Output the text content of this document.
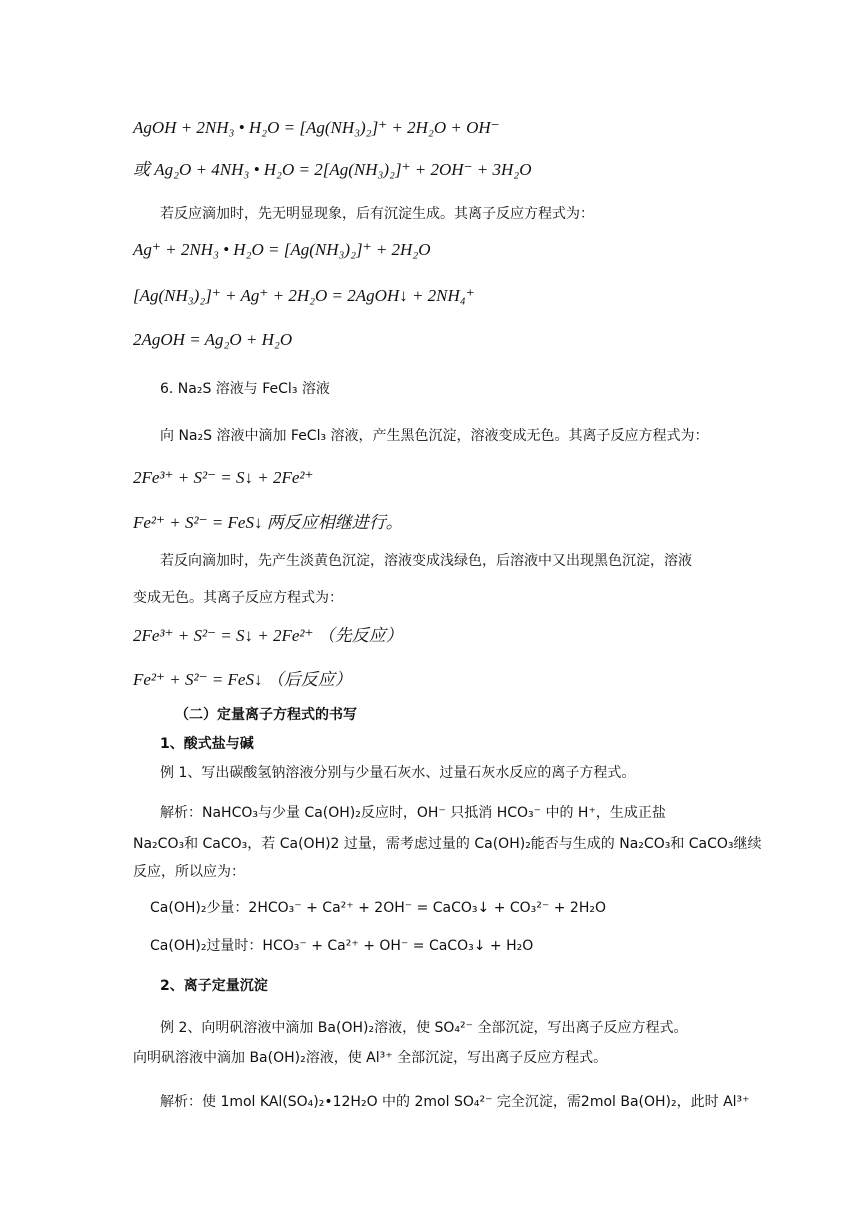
AgOH + 2NH₃ • H₂O = [Ag(NH₃)₂]⁺ + 2H₂O + OH⁻
或 Ag₂O + 4NH₃ • H₂O = 2[Ag(NH₃)₂]⁺ + 2OH⁻ + 3H₂O
若反应滴加时，先无明显现象，后有沉淀生成。其离子反应方程式为：
Ag⁺ + 2NH₃ • H₂O = [Ag(NH₃)₂]⁺ + 2H₂O
[Ag(NH₃)₂]⁺ + Ag⁺ + 2H₂O = 2AgOH↓ + 2NH₄⁺
2AgOH = Ag₂O + H₂O
6. Na₂S 溶液与 FeCl₃ 溶液
向 Na₂S 溶液中滴加 FeCl₃ 溶液，产生黑色沉淀，溶液变成无色。其离子反应方程式为：
2Fe³⁺ + S²⁻ = S↓ + 2Fe²⁺
Fe²⁺ + S²⁻ = FeS↓ 两反应相继进行。
若反向滴加时，先产生淡黄色沉淀，溶液变成浅绿色，后溶液中又出现黑色沉淀，溶液
变成无色。其离子反应方程式为：
2Fe³⁺ + S²⁻ = S↓ + 2Fe²⁺ （先反应）
Fe²⁺ + S²⁻ = FeS↓ （后反应）
（二）定量离子方程式的书写
1、酸式盐与碱
例 1、写出碳酸氢钠溶液分别与少量石灰水、过量石灰水反应的离子方程式。
解析：NaHCO₃与少量 Ca(OH)₂反应时，OH⁻ 只抵消 HCO₃⁻ 中的 H⁺，生成正盐
Na₂CO₃和 CaCO₃，若 Ca(OH)2 过量，需考虑过量的 Ca(OH)₂能否与生成的 Na₂CO₃和 CaCO₃继续
反应，所以应为：
Ca(OH)₂少量：2HCO₃⁻ + Ca²⁺ + 2OH⁻ = CaCO₃↓ + CO₃²⁻ + 2H₂O
Ca(OH)₂过量时：HCO₃⁻ + Ca²⁺ + OH⁻ = CaCO₃↓ + H₂O
2、离子定量沉淀
例 2、向明矾溶液中滴加 Ba(OH)₂溶液，使 SO₄²⁻ 全部沉淀，写出离子反应方程式。
向明矾溶液中滴加 Ba(OH)₂溶液，使 Al³⁺ 全部沉淀，写出离子反应方程式。
解析：使 1mol KAl(SO₄)₂•12H₂O 中的 2mol SO₄²⁻ 完全沉淀，需2mol Ba(OH)₂，此时 Al³⁺
